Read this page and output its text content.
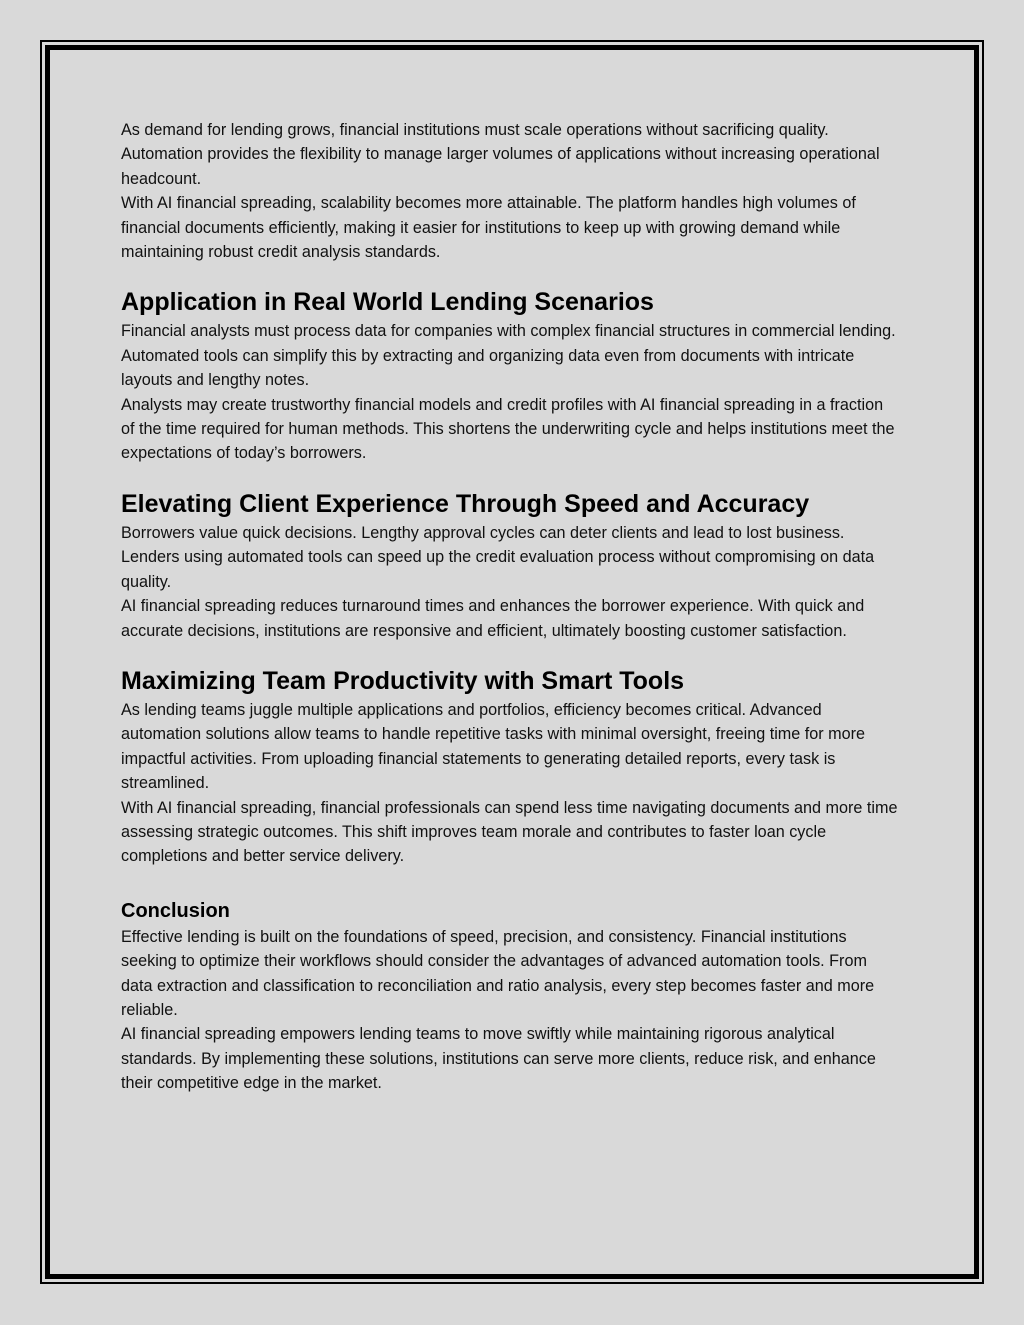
As demand for lending grows, financial institutions must scale operations without sacrificing quality. Automation provides the flexibility to manage larger volumes of applications without increasing operational headcount.

With AI financial spreading, scalability becomes more attainable. The platform handles high volumes of financial documents efficiently, making it easier for institutions to keep up with growing demand while maintaining robust credit analysis standards.

Application in Real World Lending Scenarios

Financial analysts must process data for companies with complex financial structures in commercial lending. Automated tools can simplify this by extracting and organizing data even from documents with intricate layouts and lengthy notes.

Analysts may create trustworthy financial models and credit profiles with AI financial spreading in a fraction of the time required for human methods. This shortens the underwriting cycle and helps institutions meet the expectations of today’s borrowers.

Elevating Client Experience Through Speed and Accuracy

Borrowers value quick decisions. Lengthy approval cycles can deter clients and lead to lost business. Lenders using automated tools can speed up the credit evaluation process without compromising on data quality.

AI financial spreading reduces turnaround times and enhances the borrower experience. With quick and accurate decisions, institutions are responsive and efficient, ultimately boosting customer satisfaction.

Maximizing Team Productivity with Smart Tools

As lending teams juggle multiple applications and portfolios, efficiency becomes critical. Advanced automation solutions allow teams to handle repetitive tasks with minimal oversight, freeing time for more impactful activities. From uploading financial statements to generating detailed reports, every task is streamlined.

With AI financial spreading, financial professionals can spend less time navigating documents and more time assessing strategic outcomes. This shift improves team morale and contributes to faster loan cycle completions and better service delivery.

Conclusion

Effective lending is built on the foundations of speed, precision, and consistency. Financial institutions seeking to optimize their workflows should consider the advantages of advanced automation tools. From data extraction and classification to reconciliation and ratio analysis, every step becomes faster and more reliable.

AI financial spreading empowers lending teams to move swiftly while maintaining rigorous analytical standards. By implementing these solutions, institutions can serve more clients, reduce risk, and enhance their competitive edge in the market.
